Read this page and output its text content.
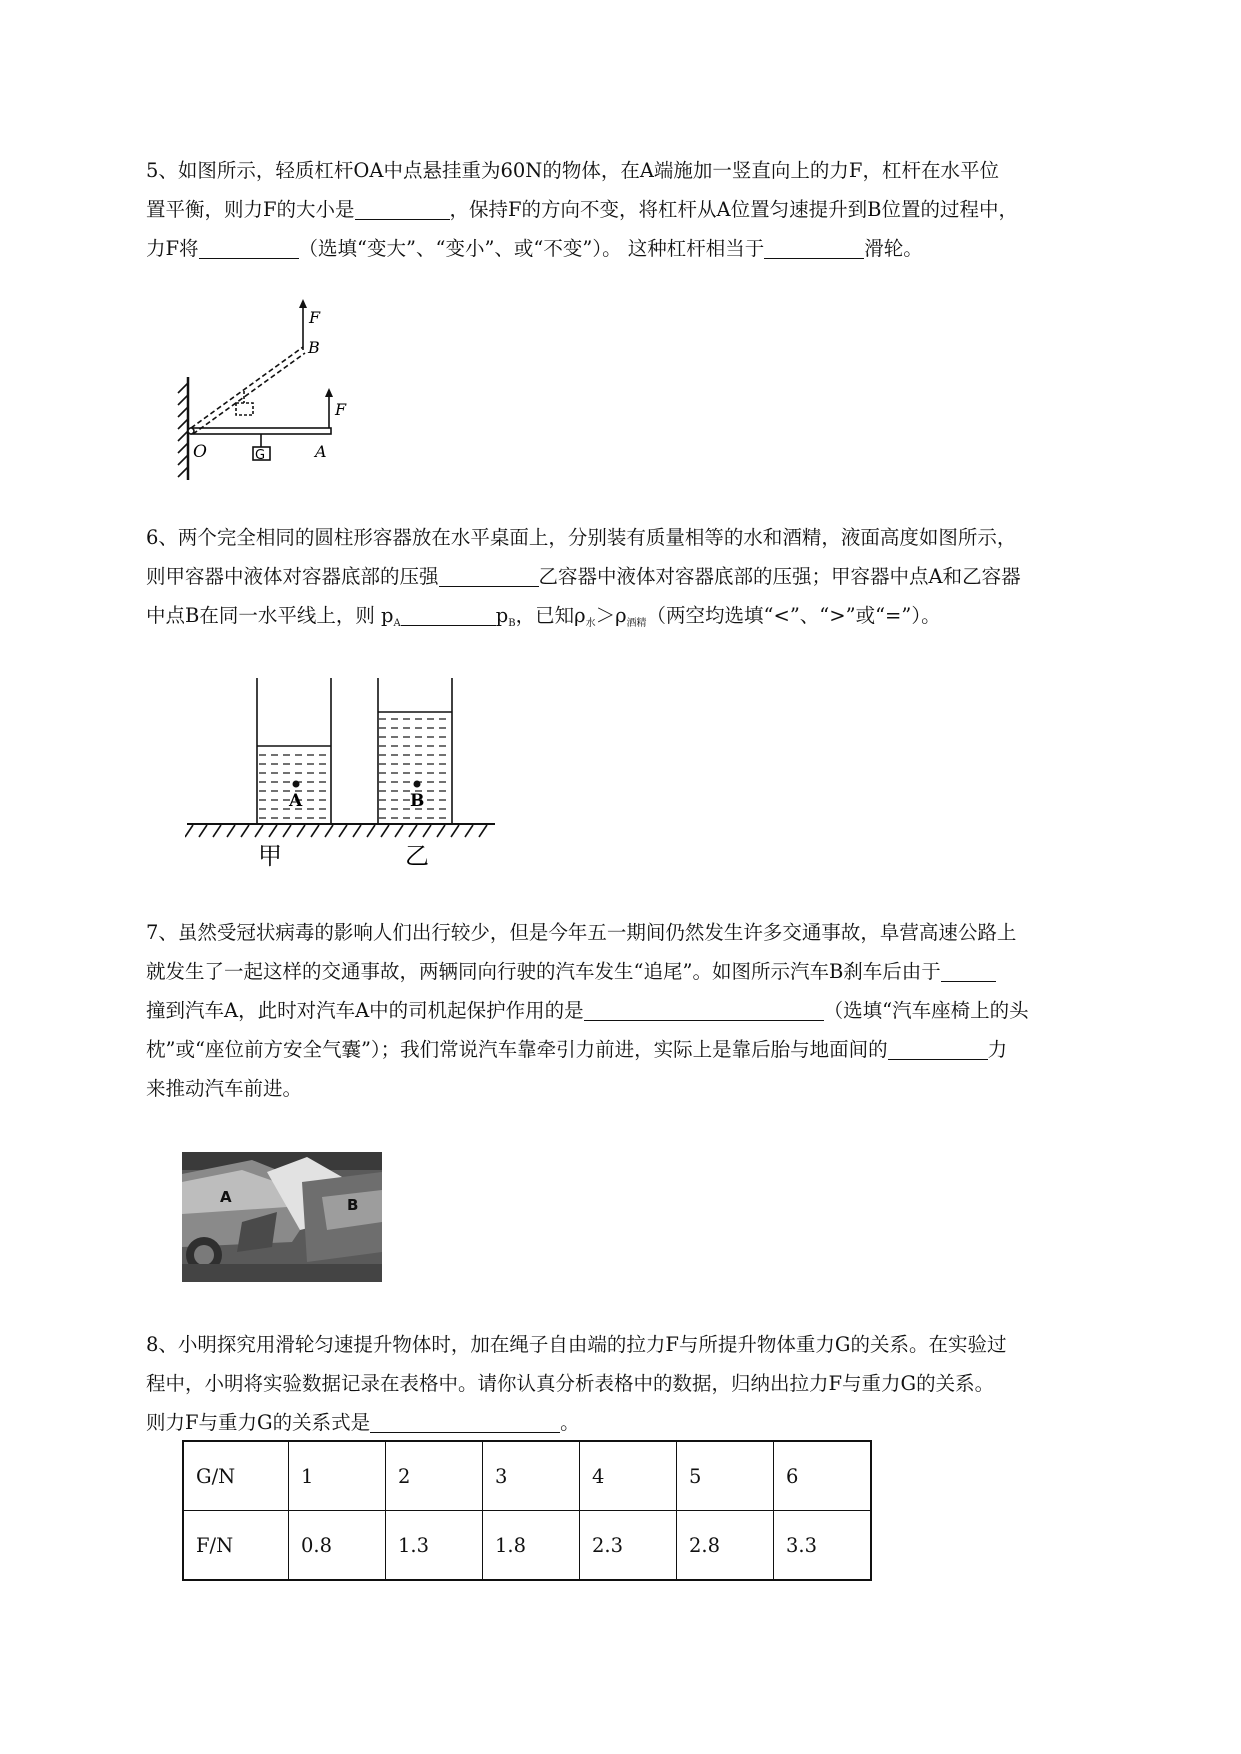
5、如图所示，轻质杠杆OA中点悬挂重为60N的物体，在A端施加一竖直向上的力F，杠杆在水平位

置平衡，则力F的大小是	，保持F的方向不变，将杠杆从A位置匀速提升到B位置的过程中，

力F将	（选填“变大”、“变小”、或“不变”）。 这种杠杆相当于	滑轮。

F
B
F
O	A
G

6、两个完全相同的圆柱形容器放在水平桌面上，分别装有质量相等的水和酒精，液面高度如图所示，

则甲容器中液体对容器底部的压强	乙容器中液体对容器底部的压强；甲容器中点A和乙容器

中点B在同一水平线上，则 $p_A$	$p_B$，已知$\rho_水>\rho_{酒精}$（两空均选填“<”、“>”或“=”）。

A	B
甲	乙

7、虽然受冠状病毒的影响人们出行较少，但是今年五一期间仍然发生许多交通事故，阜营高速公路上

就发生了一起这样的交通事故，两辆同向行驶的汽车发生“追尾”。如图所示汽车B刹车后由于

撞到汽车A，此时对汽车A中的司机起保护作用的是	（选填“汽车座椅上的头

枕”或“座位前方安全气囊”）；我们常说汽车靠牵引力前进，实际上是靠后胎与地面间的	力

来推动汽车前进。

A	B

8、小明探究用滑轮匀速提升物体时，加在绳子自由端的拉力F与所提升物体重力G的关系。在实验过

程中，小明将实验数据记录在表格中。请你认真分析表格中的数据，归纳出拉力F与重力G的关系。

则力F与重力G的关系式是	。

G/N	1	2	3	4	5	6
F/N	0.8	1.3	1.8	2.3	2.8	3.3
